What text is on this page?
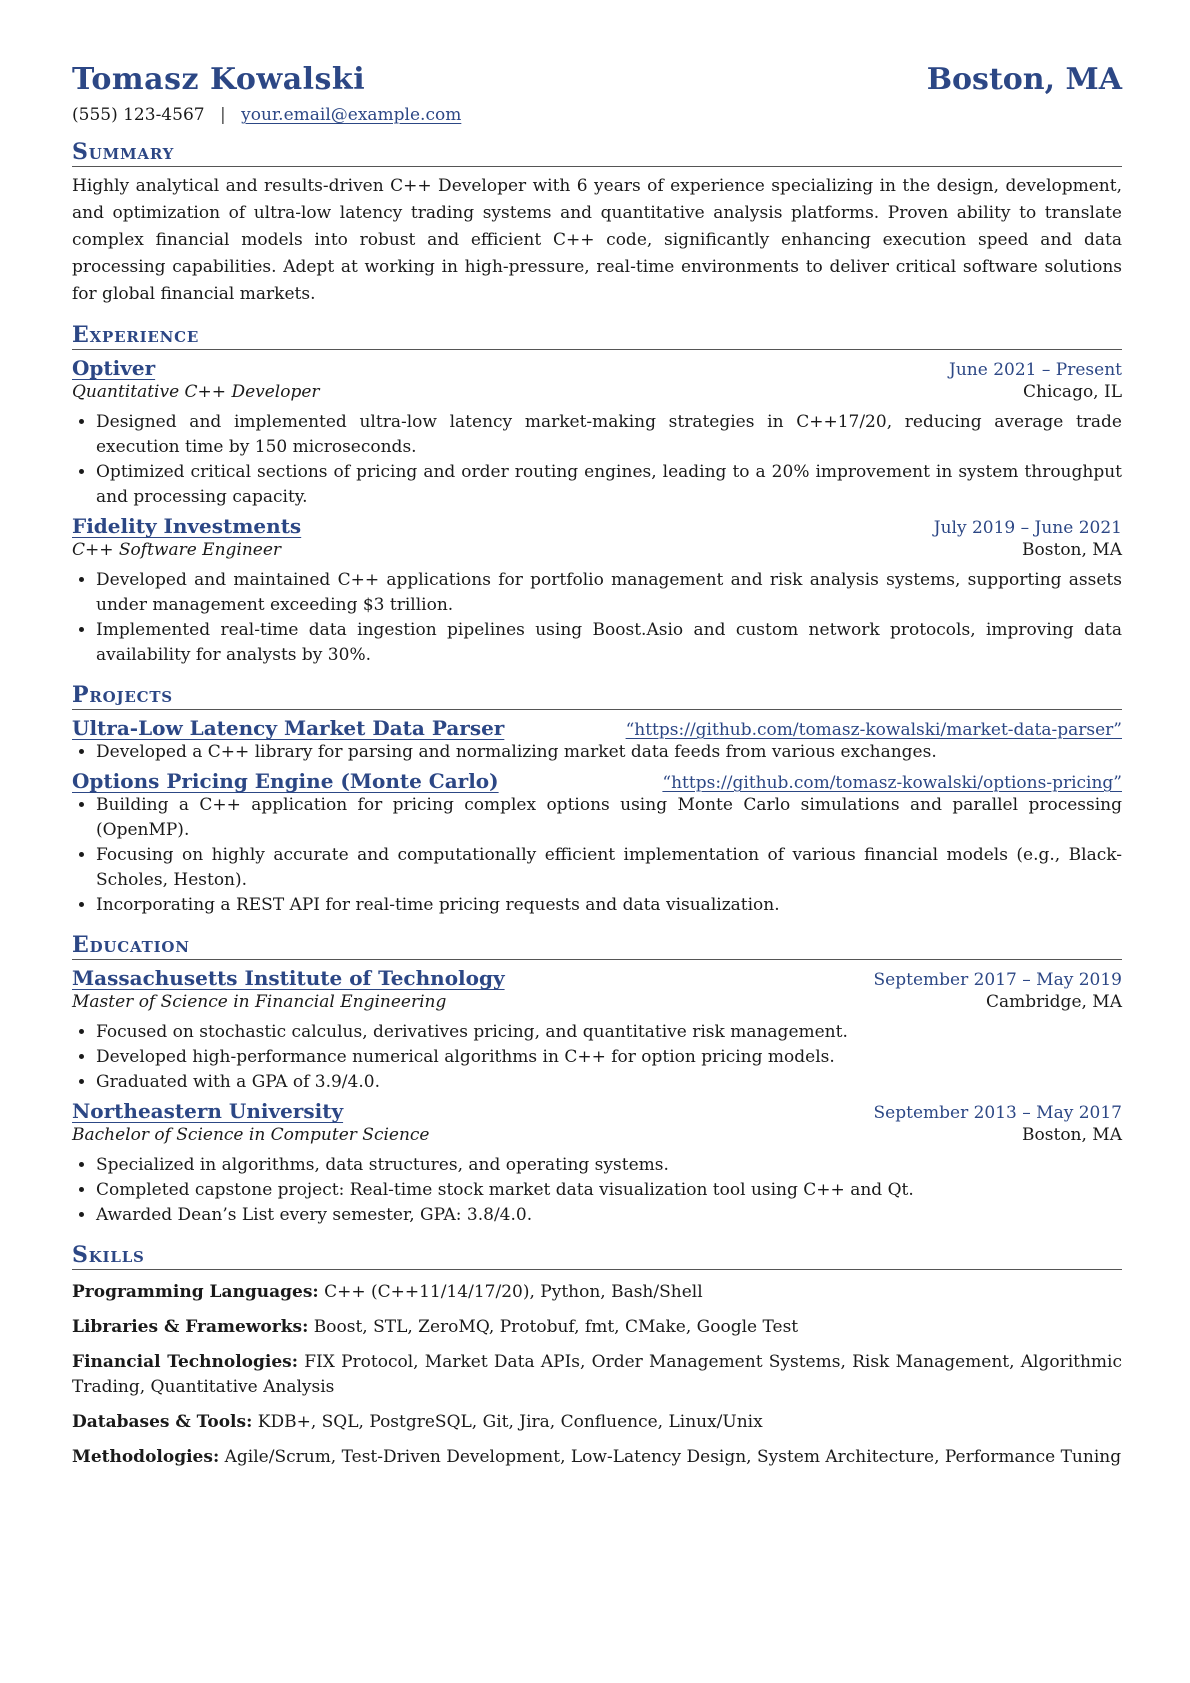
Tomasz Kowalski	Boston, MA
(555) 123-4567 | your.email@example.com
Summary
Highly analytical and results-driven C++ Developer with 6 years of experience specializing in the design, development, and optimization of ultra-low latency trading systems and quantitative analysis platforms. Proven ability to translate complex financial models into robust and efficient C++ code, significantly enhancing execution speed and data processing capabilities. Adept at working in high-pressure, real-time environments to deliver critical software solutions for global financial markets.
Experience
Optiver	June 2021 – Present
Quantitative C++ Developer	Chicago, IL
• Designed and implemented ultra-low latency market-making strategies in C++17/20, reducing average trade execution time by 150 microseconds.
• Optimized critical sections of pricing and order routing engines, leading to a 20% improvement in system throughput and processing capacity.
Fidelity Investments	July 2019 – June 2021
C++ Software Engineer	Boston, MA
• Developed and maintained C++ applications for portfolio management and risk analysis systems, supporting assets under management exceeding $3 trillion.
• Implemented real-time data ingestion pipelines using Boost.Asio and custom network protocols, improving data availability for analysts by 30%.
Projects
Ultra-Low Latency Market Data Parser	“https://github.com/tomasz-kowalski/market-data-parser”
• Developed a C++ library for parsing and normalizing market data feeds from various exchanges.
Options Pricing Engine (Monte Carlo)	“https://github.com/tomasz-kowalski/options-pricing”
• Building a C++ application for pricing complex options using Monte Carlo simulations and parallel processing (OpenMP).
• Focusing on highly accurate and computationally efficient implementation of various financial models (e.g., Black-Scholes, Heston).
• Incorporating a REST API for real-time pricing requests and data visualization.
Education
Massachusetts Institute of Technology	September 2017 – May 2019
Master of Science in Financial Engineering	Cambridge, MA
• Focused on stochastic calculus, derivatives pricing, and quantitative risk management.
• Developed high-performance numerical algorithms in C++ for option pricing models.
• Graduated with a GPA of 3.9/4.0.
Northeastern University	September 2013 – May 2017
Bachelor of Science in Computer Science	Boston, MA
• Specialized in algorithms, data structures, and operating systems.
• Completed capstone project: Real-time stock market data visualization tool using C++ and Qt.
• Awarded Dean’s List every semester, GPA: 3.8/4.0.
Skills
Programming Languages: C++ (C++11/14/17/20), Python, Bash/Shell
Libraries & Frameworks: Boost, STL, ZeroMQ, Protobuf, fmt, CMake, Google Test
Financial Technologies: FIX Protocol, Market Data APIs, Order Management Systems, Risk Management, Algorithmic Trading, Quantitative Analysis
Databases & Tools: KDB+, SQL, PostgreSQL, Git, Jira, Confluence, Linux/Unix
Methodologies: Agile/Scrum, Test-Driven Development, Low-Latency Design, System Architecture, Performance Tuning
